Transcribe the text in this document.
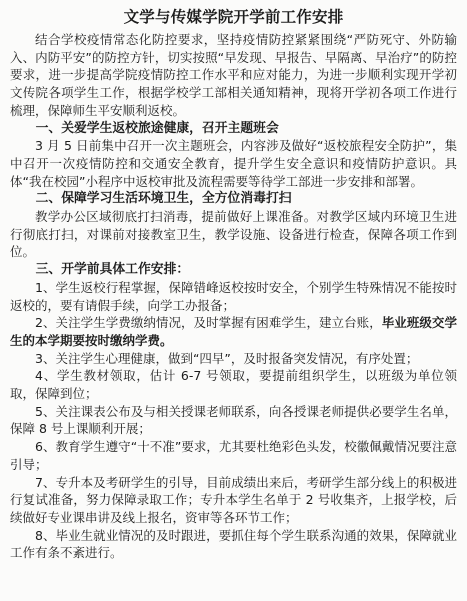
文学与传媒学院开学前工作安排

结合学校疫情常态化防控要求，坚持疫情防控紧紧围绕“严防死守、外防输入、内防平安”的防控方针，切实按照“早发现、早报告、早隔离、早治疗”的防控要求，进一步提高学院疫情防控工作水平和应对能力，为进一步顺利实现开学初文传院各项学生工作，根据学校学工部相关通知精神，现将开学初各项工作进行梳理，保障师生平安顺利返校。

一、关爱学生返校旅途健康，召开主题班会

3 月 5 日前集中召开一次主题班会，内容涉及做好“返校旅程安全防护”，集中召开一次疫情防控和交通安全教育，提升学生安全意识和疫情防护意识。具体“我在校园”小程序中返校审批及流程需要等待学工部进一步安排和部署。

二、保障学习生活环境卫生，全方位消毒打扫

教学办公区域彻底打扫消毒，提前做好上课准备。对教学区域内环境卫生进行彻底打扫，对课前对接教室卫生，教学设施、设备进行检查，保障各项工作到位。

三、开学前具体工作安排：

1、学生返校行程掌握，保障错峰返校按时安全，个别学生特殊情况不能按时返校的，要有请假手续，向学工办报备；

2、关注学生学费缴纳情况，及时掌握有困难学生，建立台账，毕业班级交学生的本学期要按时缴纳学费。

3、关注学生心理健康，做到“四早”，及时报备突发情况，有序处置；

4、学生教材领取，估计 6-7 号领取，要提前组织学生，以班级为单位领取，保障到位；

5、关注课表公布及与相关授课老师联系，向各授课老师提供必要学生名单，保障 8 号上课顺利开展；

6、教育学生遵守“十不准”要求，尤其要杜绝彩色头发，校徽佩戴情况要注意引导；

7、专升本及考研学生的引导，目前成绩出来后，考研学生部分线上的积极进行复试准备，努力保障录取工作；专升本学生名单于 2 号收集齐，上报学校，后续做好专业课串讲及线上报名，资审等各环节工作；

8、毕业生就业情况的及时跟进，要抓住每个学生联系沟通的效果，保障就业工作有条不紊进行。
